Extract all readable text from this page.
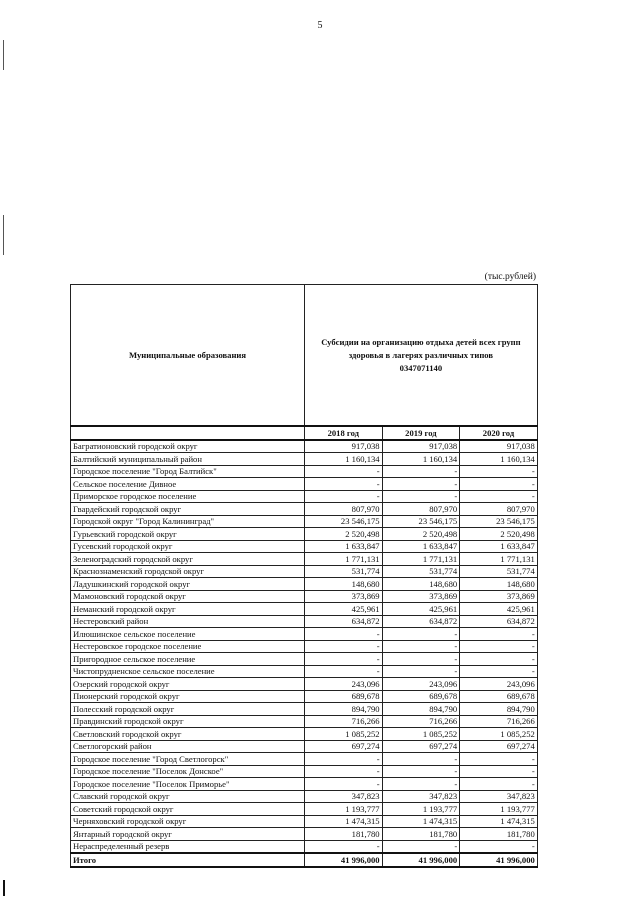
5
(тыс.рублей)
Муниципальные образования	Субсидии на организацию отдыха детей всех групп здоровья в лагерях различных типов
0347071140		
	2018 год	2019 год	2020 год
Багратионовский городской округ	917,038	917,038	917,038
Балтийский муниципальный район	1 160,134	1 160,134	1 160,134
Городское поселение "Город Балтийск"	-	-	-
Сельское поселение Дивное	-	-	-
Приморское городское поселение	-	-	-
Гвардейский городской округ	807,970	807,970	807,970
Городской округ "Город Калининград"	23 546,175	23 546,175	23 546,175
Гурьевский городской округ	2 520,498	2 520,498	2 520,498
Гусевский городской округ	1 633,847	1 633,847	1 633,847
Зеленоградский городской округ	1 771,131	1 771,131	1 771,131
Краснознаменский городской округ	531,774	531,774	531,774
Ладушкинский городской округ	148,680	148,680	148,680
Мамоновский городской округ	373,869	373,869	373,869
Неманский городской округ	425,961	425,961	425,961
Нестеровский район	634,872	634,872	634,872
Илюшинское сельское поселение	-	-	-
Нестеровское городское поселение	-	-	-
Пригородное сельское поселение	-	-	-
Чистопрудненское сельское поселение	-	-	-
Озерский городской округ	243,096	243,096	243,096
Пионерский городской округ	689,678	689,678	689,678
Полесский городской округ	894,790	894,790	894,790
Правдинский городской округ	716,266	716,266	716,266
Светловский городской округ	1 085,252	1 085,252	1 085,252
Светлогорский район	697,274	697,274	697,274
Городское поселение "Город Светлогорск"	-	-	-
Городское поселение "Поселок Донское"	-	-	-
Городское поселение "Поселок Приморье"	-	-	-
Славский городской округ	347,823	347,823	347,823
Советский городской округ	1 193,777	1 193,777	1 193,777
Черняховский городской округ	1 474,315	1 474,315	1 474,315
Янтарный городской округ	181,780	181,780	181,780
Нераспределенный резерв	-	-	-
Итого	41 996,000	41 996,000	41 996,000
